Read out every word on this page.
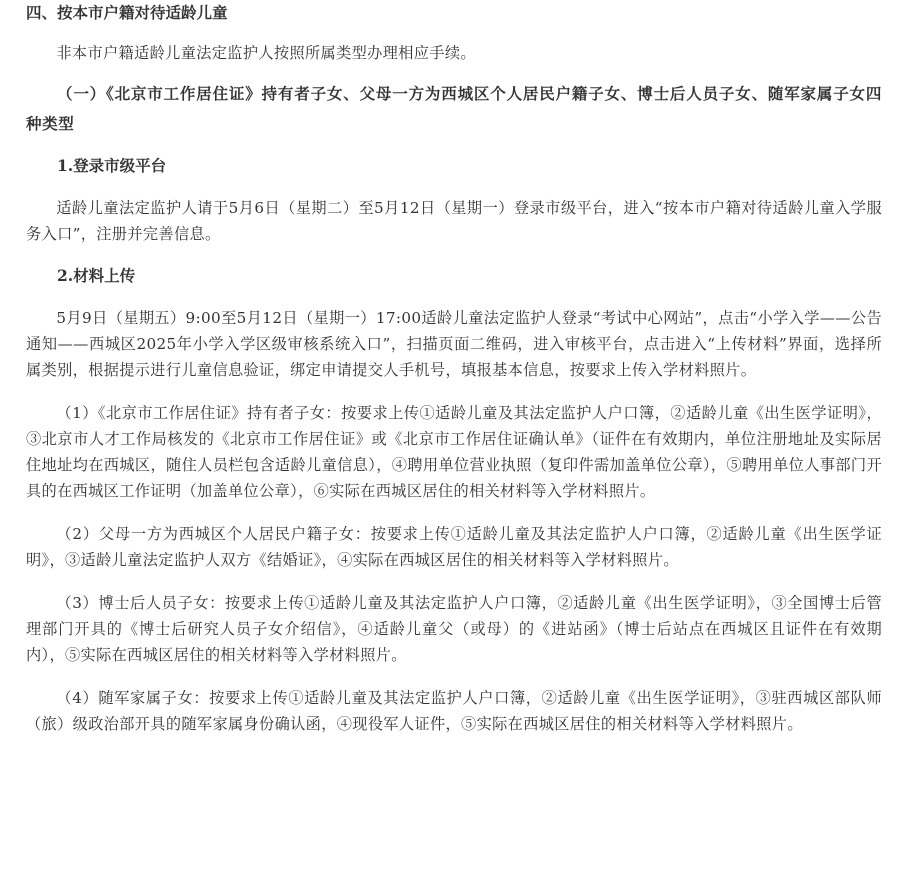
四、按本市户籍对待适龄儿童

非本市户籍适龄儿童法定监护人按照所属类型办理相应手续。

（一）《北京市工作居住证》持有者子女、父母一方为西城区个人居民户籍子女、博士后人员子女、随军家属子女四种类型

1.登录市级平台

适龄儿童法定监护人请于5月6日（星期二）至5月12日（星期一）登录市级平台，进入“按本市户籍对待适龄儿童入学服务入口”，注册并完善信息。

2.材料上传

5月9日（星期五）9:00至5月12日（星期一）17:00适龄儿童法定监护人登录“考试中心网站”，点击“小学入学——公告通知——西城区2025年小学入学区级审核系统入口”，扫描页面二维码，进入审核平台，点击进入“上传材料”界面，选择所属类别，根据提示进行儿童信息验证，绑定申请提交人手机号，填报基本信息，按要求上传入学材料照片。

（1）《北京市工作居住证》持有者子女：按要求上传①适龄儿童及其法定监护人户口簿，②适龄儿童《出生医学证明》，③北京市人才工作局核发的《北京市工作居住证》或《北京市工作居住证确认单》（证件在有效期内，单位注册地址及实际居住地址均在西城区，随住人员栏包含适龄儿童信息），④聘用单位营业执照（复印件需加盖单位公章），⑤聘用单位人事部门开具的在西城区工作证明（加盖单位公章），⑥实际在西城区居住的相关材料等入学材料照片。

（2）父母一方为西城区个人居民户籍子女：按要求上传①适龄儿童及其法定监护人户口簿，②适龄儿童《出生医学证明》，③适龄儿童法定监护人双方《结婚证》，④实际在西城区居住的相关材料等入学材料照片。

（3）博士后人员子女：按要求上传①适龄儿童及其法定监护人户口簿，②适龄儿童《出生医学证明》，③全国博士后管理部门开具的《博士后研究人员子女介绍信》，④适龄儿童父（或母）的《进站函》（博士后站点在西城区且证件在有效期内），⑤实际在西城区居住的相关材料等入学材料照片。

（4）随军家属子女：按要求上传①适龄儿童及其法定监护人户口簿，②适龄儿童《出生医学证明》，③驻西城区部队师（旅）级政治部开具的随军家属身份确认函，④现役军人证件，⑤实际在西城区居住的相关材料等入学材料照片。
